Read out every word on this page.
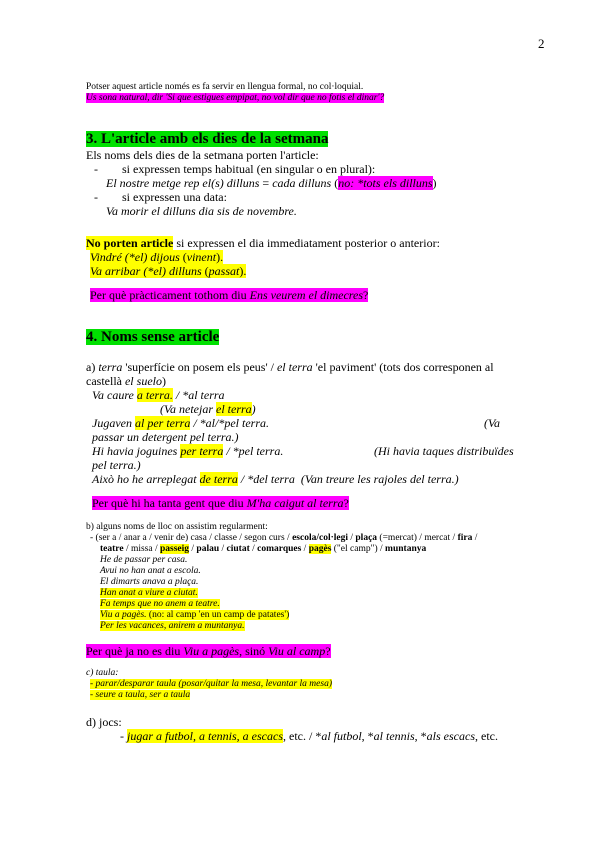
2
Potser aquest article només es fa servir en llengua formal, no col·loquial.
Us sona natural, dir 'Si que estigues empipat, no vol dir que no fotis el dinar'?
3. L'article amb els dies de la setmana
Els noms dels dies de la setmana porten l'article:
- si expressen temps habitual (en singular o en plural):
El nostre metge rep el(s) dilluns = cada dilluns (no: *tots els dilluns)
- si expressen una data:
Va morir el dilluns dia sis de novembre.
No porten article si expressen el dia immediatament posterior o anterior:
Vindré (*el) dijous (vinent).
Va arribar (*el) dilluns (passat).
Per què pràcticament tothom diu Ens veurem el dimecres?
4. Noms sense article
a) terra 'superfície on posem els peus' / el terra 'el paviment' (tots dos corresponen al
castellà el suelo)
Va caure a terra. / *al terra
(Va netejar el terra)
Jugaven al per terra / *al/*pel terra.	(Va
passar un detergent pel terra.)
Hi havia joguines per terra / *pel terra.	(Hi havia taques distribuïdes
pel terra.)
Això ho he arreplegat de terra / *del terra (Van treure les rajoles del terra.)
Per què hi ha tanta gent que diu M'ha caigut al terra?
b) alguns noms de lloc on assistim regularment:
- (ser a / anar a / venir de) casa / classe / segon curs / escola/col·legi / plaça (=mercat) / mercat / fira /
teatre / missa / passeig / palau / ciutat / comarques / pagès ("el camp") / muntanya
He de passar per casa.
Avui no han anat a escola.
El dimarts anava a plaça.
Han anat a viure a ciutat.
Fa temps que no anem a teatre.
Viu a pagès. (no: al camp 'en un camp de patates')
Per les vacances, anirem a muntanya.
Per què ja no es diu Viu a pagès, sinó Viu al camp?
c) taula:
- parar/desparar taula (posar/quitar la mesa, levantar la mesa)
- seure a taula, ser a taula
d) jocs:
- jugar a futbol, a tennis, a escacs, etc. / *al futbol, *al tennis, *als escacs, etc.
